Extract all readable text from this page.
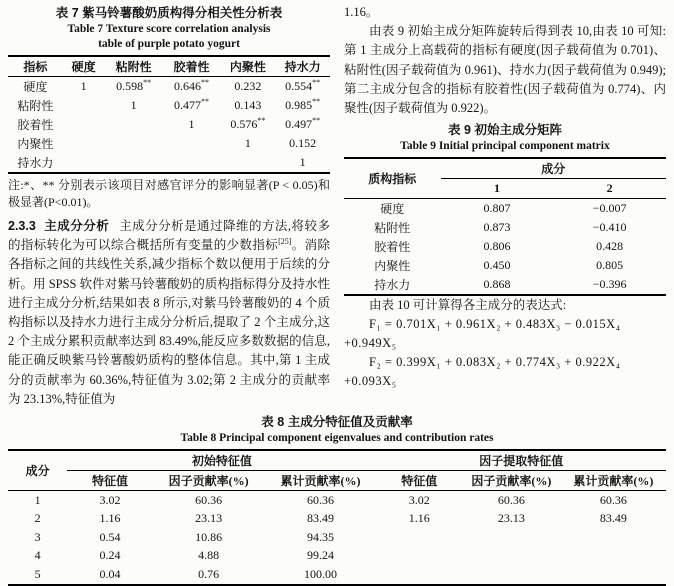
表 7 紫马铃薯酸奶质构得分相关性分析表
Table 7 Texture score correlation analysis
table of purple potato yogurt
指标	硬度	粘附性	胶着性	内聚性	持水力
硬度	1	0.598**	0.646**	0.232	0.554**
粘附性		1	0.477**	0.143	0.985**
胶着性			1	0.576**	0.497**
内聚性				1	0.152
持水力					1
注:*、** 分别表示该项目对感官评分的影响显著(P < 0.05)和极显著(P<0.01)。
2.3.3 主成分分析 主成分分析是通过降维的方法,将较多的指标转化为可以综合概括所有变量的少数指标[25]。消除各指标之间的共线性关系,减少指标个数以便用于后续的分析。用 SPSS 软件对紫马铃薯酸奶的质构指标得分及持水性进行主成分分析,结果如表 8 所示,对紫马铃薯酸奶的 4 个质构指标以及持水力进行主成分分析后,提取了 2 个主成分,这 2 个主成分累积贡献率达到 83.49%,能反应多数数据的信息,能正确反映紫马铃薯酸奶质构的整体信息。其中,第 1 主成分的贡献率为 60.36%,特征值为 3.02;第 2 主成分的贡献率为 23.13%,特征值为
1.16。
由表 9 初始主成分矩阵旋转后得到表 10,由表 10 可知:第 1 主成分上高载荷的指标有硬度(因子载荷值为 0.701)、粘附性(因子载荷值为 0.961)、持水力(因子载荷值为 0.949);第二主成分包含的指标有胶着性(因子载荷值为 0.774)、内聚性(因子载荷值为 0.922)。
表 9 初始主成分矩阵
Table 9 Initial principal component matrix
质构指标	成分	
	1	2
硬度	0.807	−0.007
粘附性	0.873	−0.410
胶着性	0.806	0.428
内聚性	0.450	0.805
持水力	0.868	−0.396
由表 10 可计算得各主成分的表达式:
F₁ = 0.701X₁ + 0.961X₂ + 0.483X₃ − 0.015X₄
+0.949X₅
F₂ = 0.399X₁ + 0.083X₂ + 0.774X₃ + 0.922X₄
+0.093X₅
表 8 主成分特征值及贡献率
Table 8 Principal component eigenvalues and contribution rates
成分	初始特征值			因子提取特征值		
	特征值	因子贡献率(%)	累计贡献率(%)	特征值	因子贡献率(%)	累计贡献率(%)
1	3.02	60.36	60.36	3.02	60.36	60.36
2	1.16	23.13	83.49	1.16	23.13	83.49
3	0.54	10.86	94.35			
4	0.24	4.88	99.24			
5	0.04	0.76	100.00			
